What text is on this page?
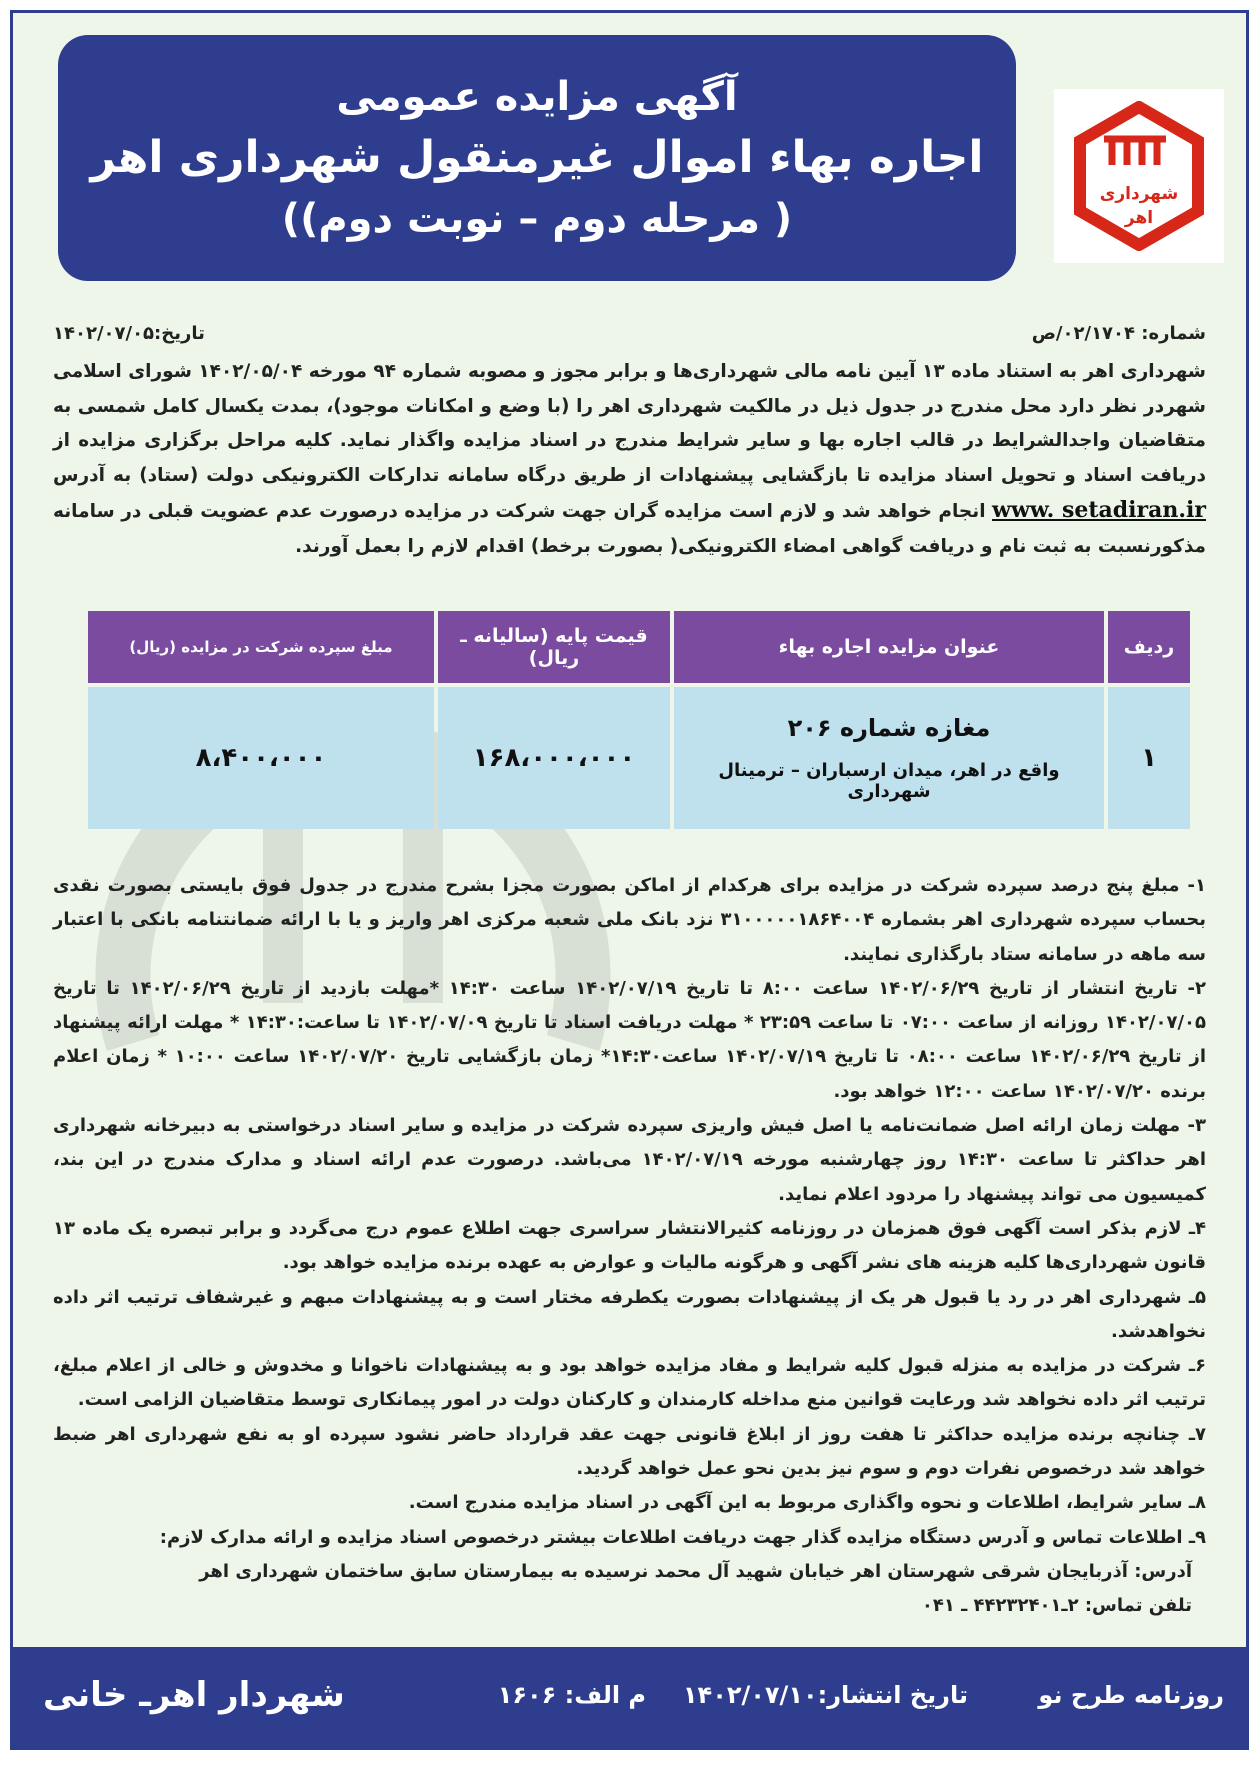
آگهی مزایده عمومی
اجاره بهاء اموال غیرمنقول شهرداری اهر
( مرحله دوم – نوبت دوم))
شهرداری
اهر
شماره: ۰۲/۱۷۰۴/ص
تاریخ:۱۴۰۲/۰۷/۰۵
شهرداری اهر به استناد ماده ۱۳ آیین نامه مالی شهرداری‌ها و برابر مجوز و مصوبه شماره ۹۴ مورخه ۱۴۰۲/۰۵/۰۴ شورای اسلامی شهردر نظر دارد محل مندرج در جدول ذیل در مالکیت شهرداری اهر را (با وضع و امکانات موجود)، بمدت یکسال کامل شمسی به متقاضیان واجدالشرایط در قالب اجاره بها و سایر شرایط مندرج در اسناد مزایده واگذار نماید. کلیه مراحل برگزاری مزایده از دریافت اسناد و تحویل اسناد مزایده تا بازگشایی پیشنهادات از طریق درگاه سامانه تدارکات الکترونیکی دولت (ستاد) به آدرس www. setadiran.ir انجام خواهد شد و لازم است مزایده گران جهت شرکت در مزایده درصورت عدم عضویت قبلی در سامانه مذکورنسبت به ثبت نام و دریافت گواهی امضاء الکترونیکی( بصورت برخط) اقدام لازم را بعمل آورند.
ردیف	عنوان مزایده اجاره بهاء	قیمت پایه (سالیانه ـ ریال)	مبلغ سپرده شرکت در مزایده (ریال)
۱	مغازه شماره ۲۰۶
واقع در اهر، میدان ارسباران – ترمینال شهرداری	۱۶۸،۰۰۰،۰۰۰	۸،۴۰۰،۰۰۰

۱- مبلغ پنج درصد سپرده شرکت در مزایده برای هرکدام از اماکن بصورت مجزا بشرح مندرج در جدول فوق بایستی بصورت نقدی بحساب سپرده شهرداری اهر بشماره ۳۱۰۰۰۰۰۱۸۶۴۰۰۴ نزد بانک ملی شعبه مرکزی اهر واریز و یا با ارائه ضمانتنامه بانکی با اعتبار سه ماهه در سامانه ستاد بارگذاری نمایند.

۲- تاریخ انتشار از تاریخ ۱۴۰۲/۰۶/۲۹ ساعت ۸:۰۰ تا تاریخ ۱۴۰۲/۰۷/۱۹ ساعت ۱۴:۳۰ *مهلت بازدید از تاریخ ۱۴۰۲/۰۶/۲۹ تا تاریخ ۱۴۰۲/۰۷/۰۵ روزانه از ساعت ۰۷:۰۰ تا ساعت ۲۳:۵۹ * مهلت دریافت اسناد تا تاریخ ۱۴۰۲/۰۷/۰۹ تا ساعت:۱۴:۳۰ * مهلت ارائه پیشنهاد از تاریخ ۱۴۰۲/۰۶/۲۹ ساعت ۰۸:۰۰ تا تاریخ ۱۴۰۲/۰۷/۱۹ ساعت۱۴:۳۰* زمان بازگشایی تاریخ ۱۴۰۲/۰۷/۲۰ ساعت ۱۰:۰۰ * زمان اعلام برنده ۱۴۰۲/۰۷/۲۰ ساعت ۱۲:۰۰ خواهد بود.

۳- مهلت زمان ارائه اصل ضمانت‌نامه یا اصل فیش واریزی سپرده شرکت در مزایده و سایر اسناد درخواستی به دبیرخانه شهرداری اهر حداکثر تا ساعت ۱۴:۳۰ روز چهارشنبه مورخه ۱۴۰۲/۰۷/۱۹ می‌باشد. درصورت عدم ارائه اسناد و مدارک مندرج در این بند، کمیسیون می تواند پیشنهاد را مردود اعلام نماید.

۴ـ لازم بذکر است آگهی فوق همزمان در روزنامه کثیرالانتشار سراسری جهت اطلاع عموم درج می‌گردد و برابر تبصره یک ماده ۱۳ قانون شهرداری‌ها کلیه هزینه های نشر آگهی و هرگونه مالیات و عوارض به عهده برنده مزایده خواهد بود.

۵ـ شهرداری اهر در رد یا قبول هر یک از پیشنهادات بصورت یکطرفه مختار است و به پیشنهادات مبهم و غیرشفاف ترتیب اثر داده نخواهدشد.

۶ـ شرکت در مزایده به منزله قبول کلیه شرایط و مفاد مزایده خواهد بود و به پیشنهادات ناخوانا و مخدوش و خالی از اعلام مبلغ، ترتیب اثر داده نخواهد شد ورعایت قوانین منع مداخله کارمندان و کارکنان دولت در امور پیمانکاری توسط متقاضیان الزامی است.

۷ـ چنانچه برنده مزایده حداکثر تا هفت روز از ابلاغ قانونی جهت عقد قرارداد حاضر نشود سپرده او به نفع شهرداری اهر ضبط خواهد شد درخصوص نفرات دوم و سوم نیز بدین نحو عمل خواهد گردید.

۸ـ سایر شرایط، اطلاعات و نحوه واگذاری مربوط به این آگهی در اسناد مزایده مندرج است.

۹ـ اطلاعات تماس و آدرس دستگاه مزایده گذار جهت دریافت اطلاعات بیشتر درخصوص اسناد مزایده و ارائه مدارک لازم:

آدرس: آذربایجان شرقی شهرستان اهر خیابان شهید آل محمد نرسیده به بیمارستان سابق ساختمان شهرداری اهر

تلفن تماس: ۲ـ۴۴۲۳۲۴۰۱ ـ ۰۴۱

روزنامه طرح نو
تاریخ انتشار:۱۴۰۲/۰۷/۱۰
م الف: ۱۶۰۶
شهردار اهرـ خانی
